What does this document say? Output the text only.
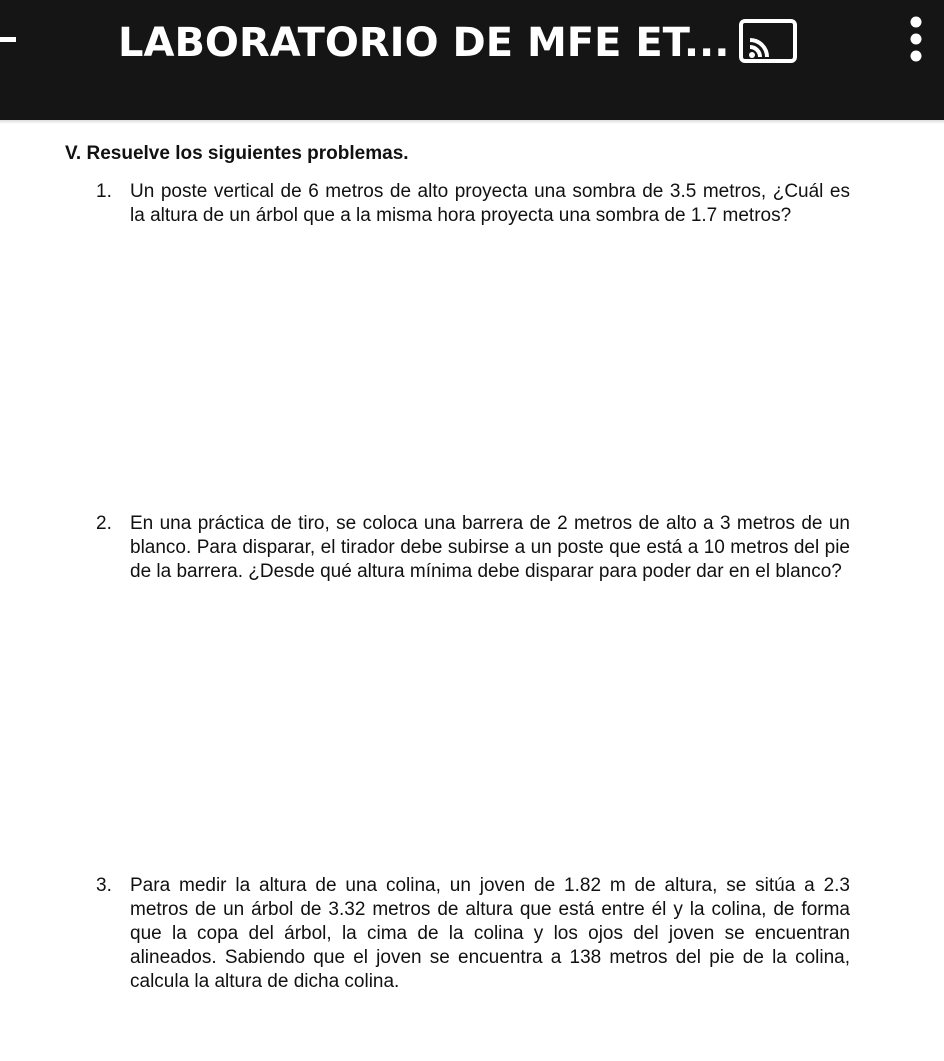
LABORATORIO DE MFE ET...
V. Resuelve los siguientes problemas.
1. Un poste vertical de 6 metros de alto proyecta una sombra de 3.5 metros, ¿Cuál es la altura de un árbol que a la misma hora proyecta una sombra de 1.7 metros?
2. En una práctica de tiro, se coloca una barrera de 2 metros de alto a 3 metros de un blanco. Para disparar, el tirador debe subirse a un poste que está a 10 metros del pie de la barrera. ¿Desde qué altura mínima debe disparar para poder dar en el blanco?
3. Para medir la altura de una colina, un joven de 1.82 m de altura, se sitúa a 2.3 metros de un árbol de 3.32 metros de altura que está entre él y la colina, de forma que la copa del árbol, la cima de la colina y los ojos del joven se encuentran alineados. Sabiendo que el joven se encuentra a 138 metros del pie de la colina, calcula la altura de dicha colina.
